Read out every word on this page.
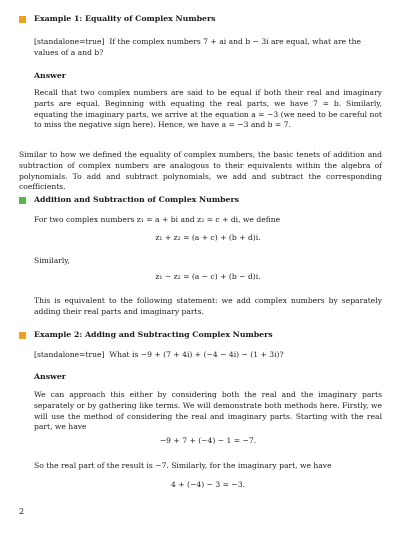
Example 1: Equality of Complex Numbers
[standalone=true] If the complex numbers 7 + ai and b − 3i are equal, what are the
values of a and b?
Answer
Recall that two complex numbers are said to be equal if both their real and imaginary parts are equal. Beginning with equating the real parts, we have 7 = b. Similarly, equating the imaginary parts, we arrive at the equation a = −3 (we need to be careful not to miss the negative sign here). Hence, we have a = −3 and b = 7.
Similar to how we defined the equality of complex numbers, the basic tenets of addition and subtraction of complex numbers are analogous to their equivalents within the algebra of polynomials. To add and subtract polynomials, we add and subtract the corresponding coefficients.
Addition and Subtraction of Complex Numbers
For two complex numbers z₁ = a + bi and z₂ = c + di, we define
z₁ + z₂ = (a + c) + (b + d)i.
Similarly,
z₁ − z₂ = (a − c) + (b − d)i.
This is equivalent to the following statement: we add complex numbers by separately adding their real parts and imaginary parts.
Example 2: Adding and Subtracting Complex Numbers
[standalone=true] What is −9 + (7 + 4i) + (−4 − 4i) − (1 + 3i)?
Answer
We can approach this either by considering both the real and the imaginary parts separately or by gathering like terms. We will demonstrate both methods here. Firstly, we will use the method of considering the real and imaginary parts. Starting with the real part, we have
−9 + 7 + (−4) − 1 = −7.
So the real part of the result is −7. Similarly, for the imaginary part, we have
4 + (−4) − 3 = −3.
2
